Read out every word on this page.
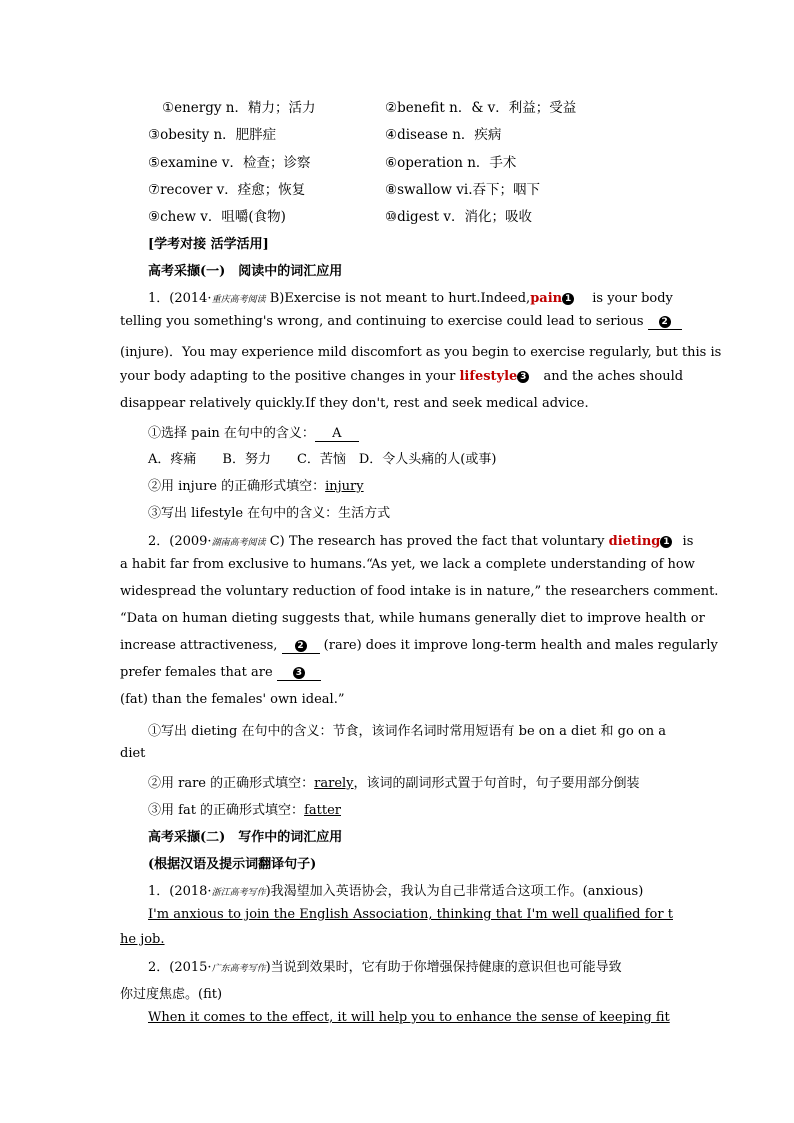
①energy n．精力；活力	②benefit n．& v．利益；受益
③obesity n．肥胖症	④disease n．疾病
⑤examine v．检查；诊察	⑥operation n．手术
⑦recover v．痊愈；恢复	⑧swallow vi.吞下；咽下
⑨chew v．咀嚼(食物)	⑩digest v．消化；吸收
[学考对接 活学活用]
高考采撷(一)　阅读中的词汇应用
1．(2014·重庆高考阅读 B)Exercise is not meant to hurt.Indeed,pain 1 is your body
telling you something's wrong, and continuing to exercise could lead to serious 2
(injure)．You may experience mild discomfort as you begin to exercise regularly, but this is
your body adapting to the positive changes in your lifestyle 3 and the aches should
disappear relatively quickly.If they don't, rest and seek medical advice.
①选择 pain 在句中的含义： A
A．疼痛　　B．努力　　C．苦恼　D．令人头痛的人(或事)
②用 injure 的正确形式填空：injury
③写出 lifestyle 在句中的含义：生活方式
2．(2009·湖南高考阅读 C) The research has proved the fact that voluntary dieting 1 is
a habit far from exclusive to humans.“As yet, we lack a complete understanding of how
widespread the voluntary reduction of food intake is in nature,” the researchers comment.
“Data on human dieting suggests that, while humans generally diet to improve health or
increase attractiveness, 2 (rare) does it improve long-term health and males regularly
prefer females that are	3
(fat) than the females' own ideal.”
①写出 dieting 在句中的含义：节食，该词作名词时常用短语有 be on a diet 和 go on a
diet
②用 rare 的正确形式填空：rarely，该词的副词形式置于句首时，句子要用部分倒装
③用 fat 的正确形式填空：fatter
高考采撷(二)　写作中的词汇应用
(根据汉语及提示词翻译句子)
1．(2018·浙江高考写作)我渴望加入英语协会，我认为自己非常适合这项工作。(anxious)
I'm anxious to join the English Association, thinking that I'm well qualified for t
he job.
2．(2015·广东高考写作)当说到效果时，它有助于你增强保持健康的意识但也可能导致
你过度焦虑。(fit)
When it comes to the effect, it will help you to enhance the sense of keeping fit
